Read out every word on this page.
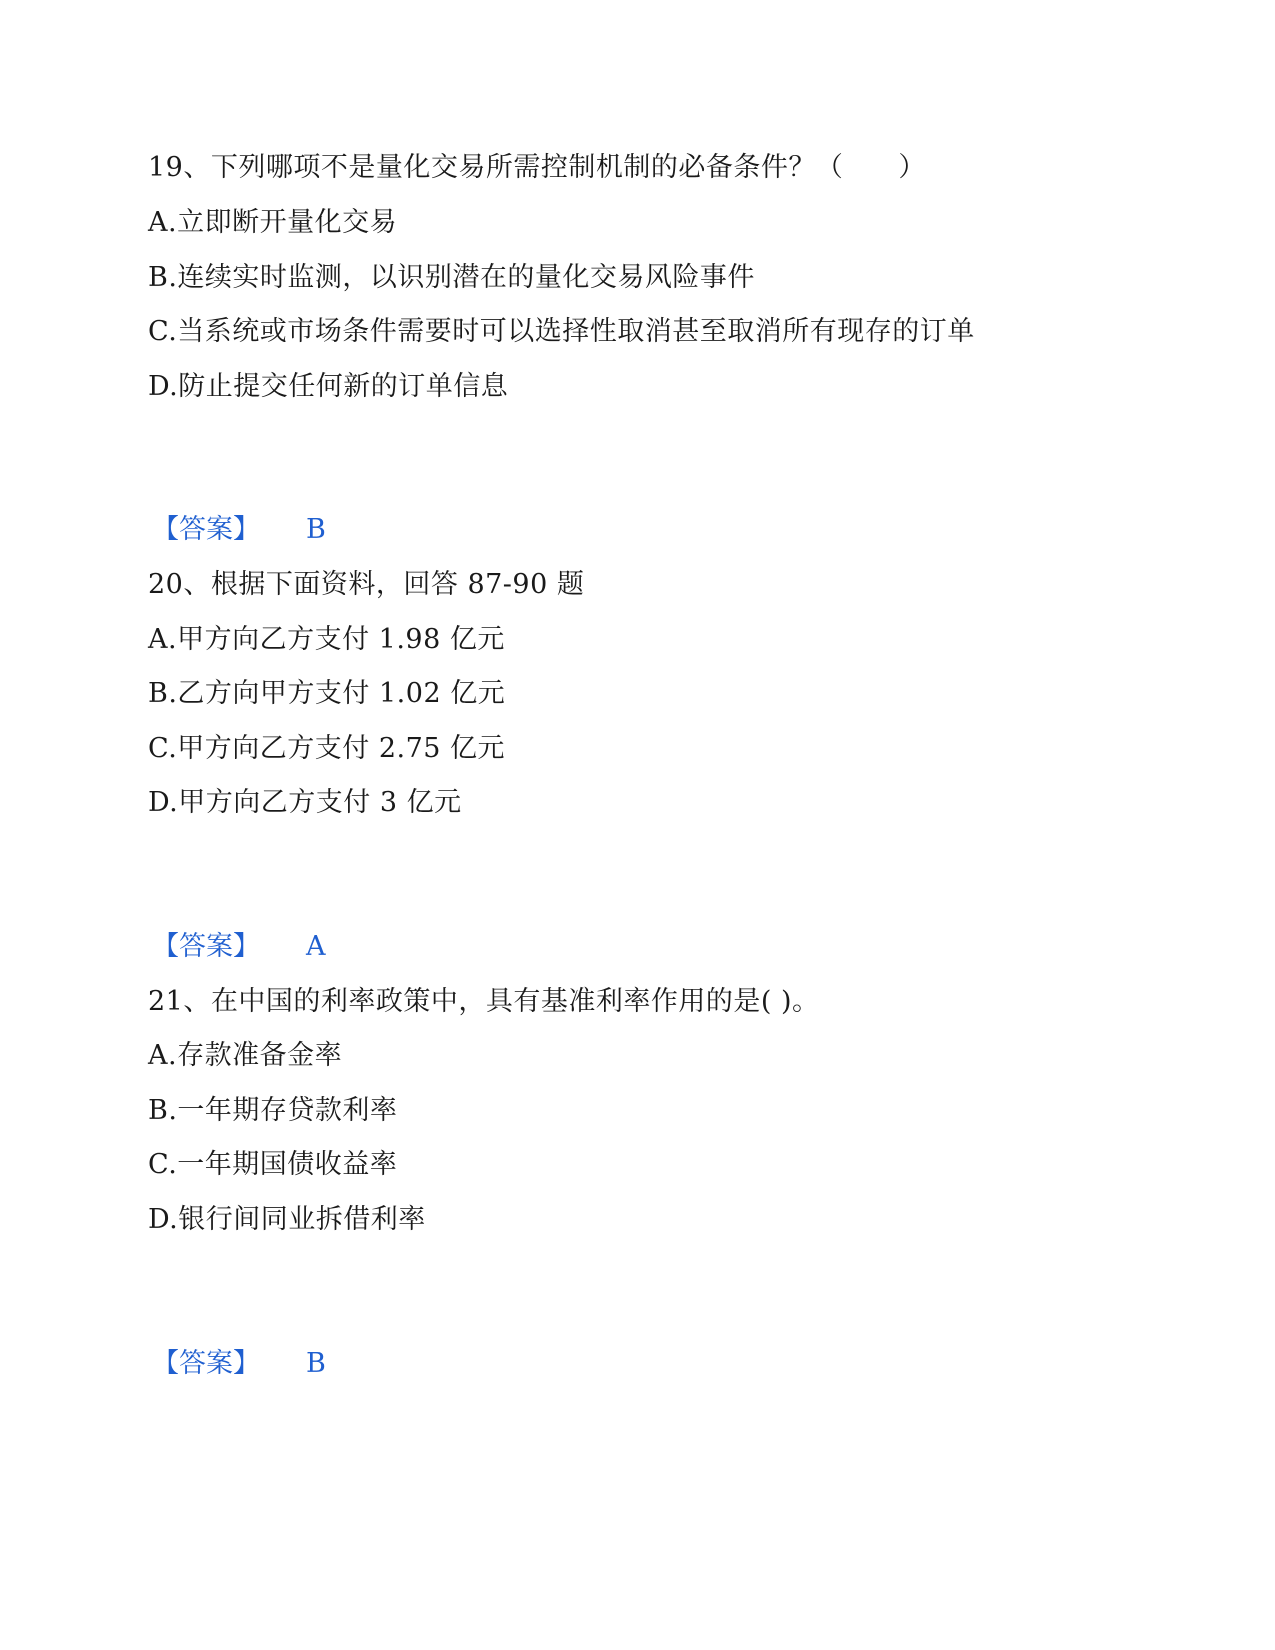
19、下列哪项不是量化交易所需控制机制的必备条件？（　　）
A.立即断开量化交易
B.连续实时监测，以识别潜在的量化交易风险事件
C.当系统或市场条件需要时可以选择性取消甚至取消所有现存的订单
D.防止提交任何新的订单信息
【答案】 B
20、根据下面资料，回答 87-90 题
A.甲方向乙方支付 1.98 亿元
B.乙方向甲方支付 1.02 亿元
C.甲方向乙方支付 2.75 亿元
D.甲方向乙方支付 3 亿元
【答案】 A
21、在中国的利率政策中，具有基准利率作用的是( )。
A.存款准备金率
B.一年期存贷款利率
C.一年期国债收益率
D.银行间同业拆借利率
【答案】 B
